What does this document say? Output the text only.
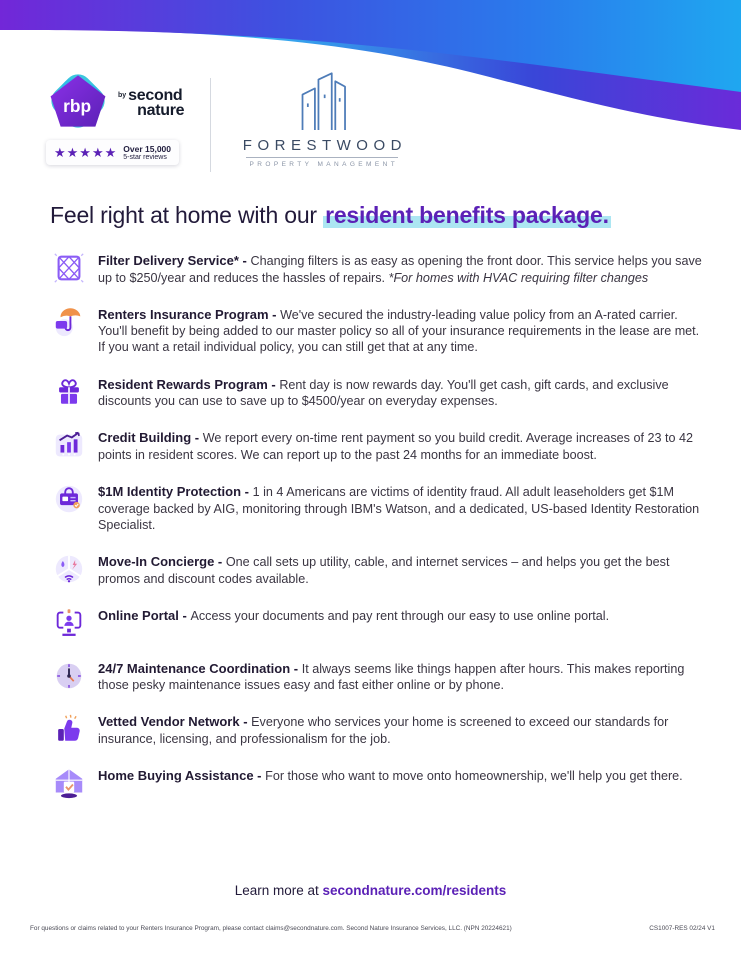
rbp
by second
nature
★★★★★ Over 15,000
5-star reviews
FORESTWOOD
PROPERTY MANAGEMENT
Feel right at home with our resident benefits package.
Filter Delivery Service* - Changing filters is as easy as opening the front door. This service helps you save up to $250/year and reduces the hassles of repairs. *For homes with HVAC requiring filter changes
Renters Insurance Program - We've secured the industry-leading value policy from an A-rated carrier. You'll benefit by being added to our master policy so all of your insurance requirements in the lease are met. If you want a retail individual policy, you can still get that at any time.
Resident Rewards Program - Rent day is now rewards day. You'll get cash, gift cards, and exclusive discounts you can use to save up to $4500/year on everyday expenses.
Credit Building - We report every on-time rent payment so you build credit. Average increases of 23 to 42 points in resident scores. We can report up to the past 24 months for an immediate boost.
$1M Identity Protection - 1 in 4 Americans are victims of identity fraud. All adult leaseholders get $1M coverage backed by AIG, monitoring through IBM's Watson, and a dedicated, US-based Identity Restoration Specialist.
Move-In Concierge - One call sets up utility, cable, and internet services – and helps you get the best promos and discount codes available.
Online Portal - Access your documents and pay rent through our easy to use online portal.
24/7 Maintenance Coordination - It always seems like things happen after hours. This makes reporting those pesky maintenance issues easy and fast either online or by phone.
Vetted Vendor Network - Everyone who services your home is screened to exceed our standards for insurance, licensing, and professionalism for the job.
Home Buying Assistance - For those who want to move onto homeownership, we'll help you get there.
Learn more at secondnature.com/residents
For questions or claims related to your Renters Insurance Program, please contact claims@secondnature.com. Second Nature Insurance Services, LLC. (NPN 20224621)	CS1007-RES 02/24 V1
